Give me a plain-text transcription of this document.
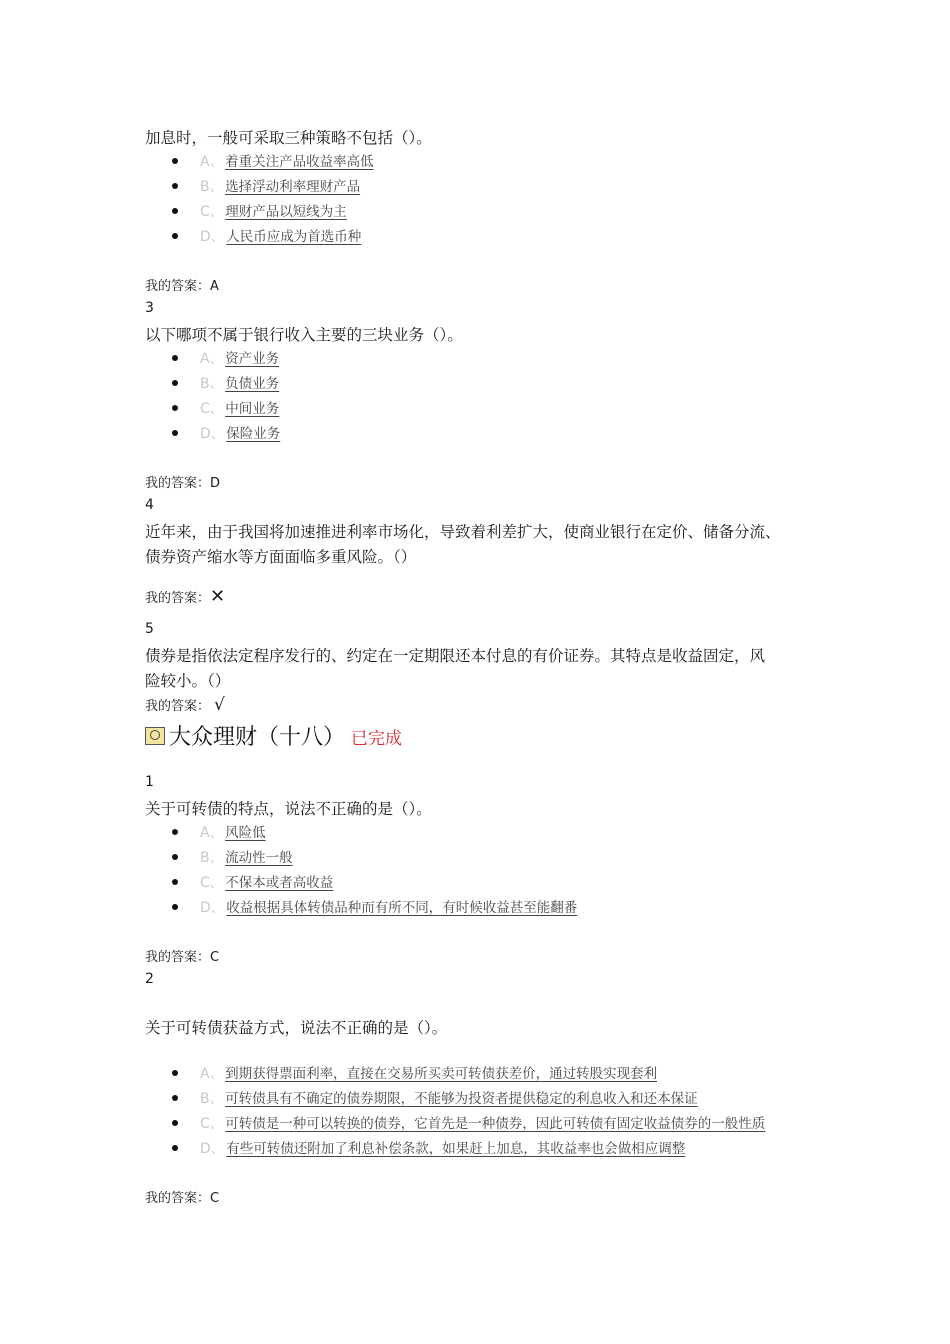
加息时，一般可采取三种策略不包括（）。
A、 着重关注产品收益率高低
B、 选择浮动利率理财产品
C、 理财产品以短线为主
D、 人民币应成为首选币种
我的答案：A
3
以下哪项不属于银行收入主要的三块业务（）。
A、 资产业务
B、 负债业务
C、 中间业务
D、 保险业务
我的答案：D
4
近年来，由于我国将加速推进利率市场化，导致着利差扩大，使商业银行在定价、储备分流、
债券资产缩水等方面面临多重风险。（）
我的答案：✕
5
债券是指依法定程序发行的、约定在一定期限还本付息的有价证券。其特点是收益固定，风
险较小。（）
我的答案： √
大众理财（十八） 已完成
1
关于可转债的特点，说法不正确的是（）。
A、 风险低
B、 流动性一般
C、 不保本或者高收益
D、 收益根据具体转债品种而有所不同，有时候收益甚至能翻番
我的答案：C
2
关于可转债获益方式，说法不正确的是（）。
A、 到期获得票面利率，直接在交易所买卖可转债获差价，通过转股实现套利
B、 可转债具有不确定的债券期限，不能够为投资者提供稳定的利息收入和还本保证
C、 可转债是一种可以转换的债券，它首先是一种债券，因此可转债有固定收益债券的一般性质
D、 有些可转债还附加了利息补偿条款，如果赶上加息，其收益率也会做相应调整
我的答案：C
